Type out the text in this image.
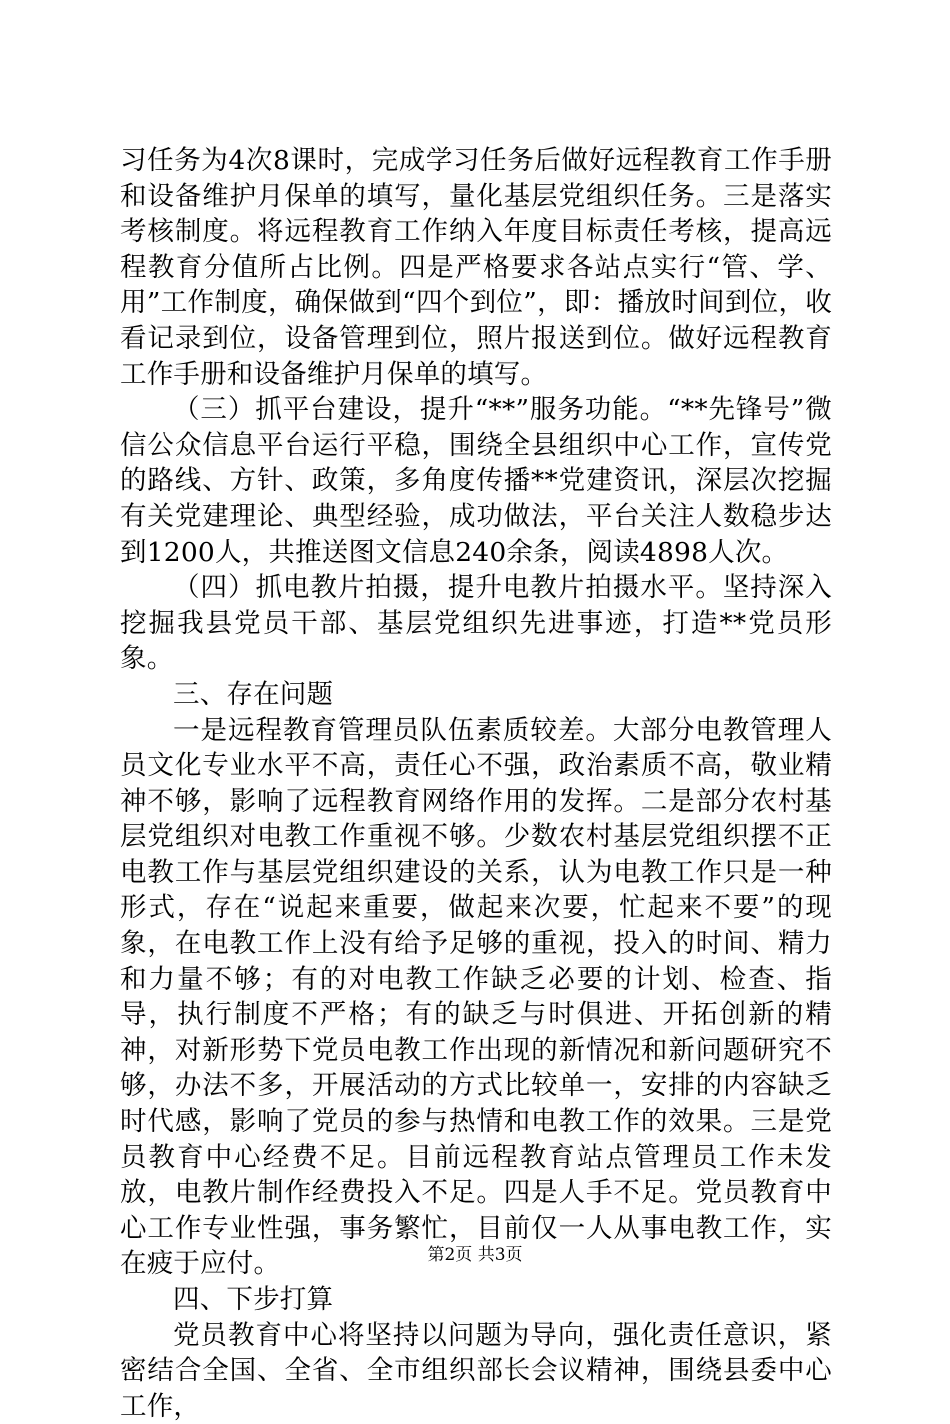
习任务为4次8课时，完成学习任务后做好远程教育工作手册和设备维护月保单的填写，量化基层党组织任务。三是落实考核制度。将远程教育工作纳入年度目标责任考核，提高远程教育分值所占比例。四是严格要求各站点实行“管、学、用”工作制度，确保做到“四个到位”，即：播放时间到位，收看记录到位，设备管理到位，照片报送到位。做好远程教育工作手册和设备维护月保单的填写。

（三）抓平台建设，提升“**”服务功能。“**先锋号”微信公众信息平台运行平稳，围绕全县组织中心工作，宣传党的路线、方针、政策，多角度传播**党建资讯，深层次挖掘有关党建理论、典型经验，成功做法，平台关注人数稳步达到1200人，共推送图文信息240余条，阅读4898人次。

（四）抓电教片拍摄，提升电教片拍摄水平。坚持深入挖掘我县党员干部、基层党组织先进事迹，打造**党员形象。

三、存在问题

一是远程教育管理员队伍素质较差。大部分电教管理人员文化专业水平不高，责任心不强，政治素质不高，敬业精神不够，影响了远程教育网络作用的发挥。二是部分农村基层党组织对电教工作重视不够。少数农村基层党组织摆不正电教工作与基层党组织建设的关系，认为电教工作只是一种形式，存在“说起来重要，做起来次要，忙起来不要”的现象，在电教工作上没有给予足够的重视，投入的时间、精力和力量不够；有的对电教工作缺乏必要的计划、检查、指导，执行制度不严格；有的缺乏与时俱进、开拓创新的精神，对新形势下党员电教工作出现的新情况和新问题研究不够，办法不多，开展活动的方式比较单一，安排的内容缺乏时代感，影响了党员的参与热情和电教工作的效果。三是党员教育中心经费不足。目前远程教育站点管理员工作未发放，电教片制作经费投入不足。四是人手不足。党员教育中心工作专业性强，事务繁忙，目前仅一人从事电教工作，实在疲于应付。

四、下步打算

党员教育中心将坚持以问题为导向，强化责任意识，紧密结合全国、全省、全市组织部长会议精神，围绕县委中心工作，

第2页 共3页
